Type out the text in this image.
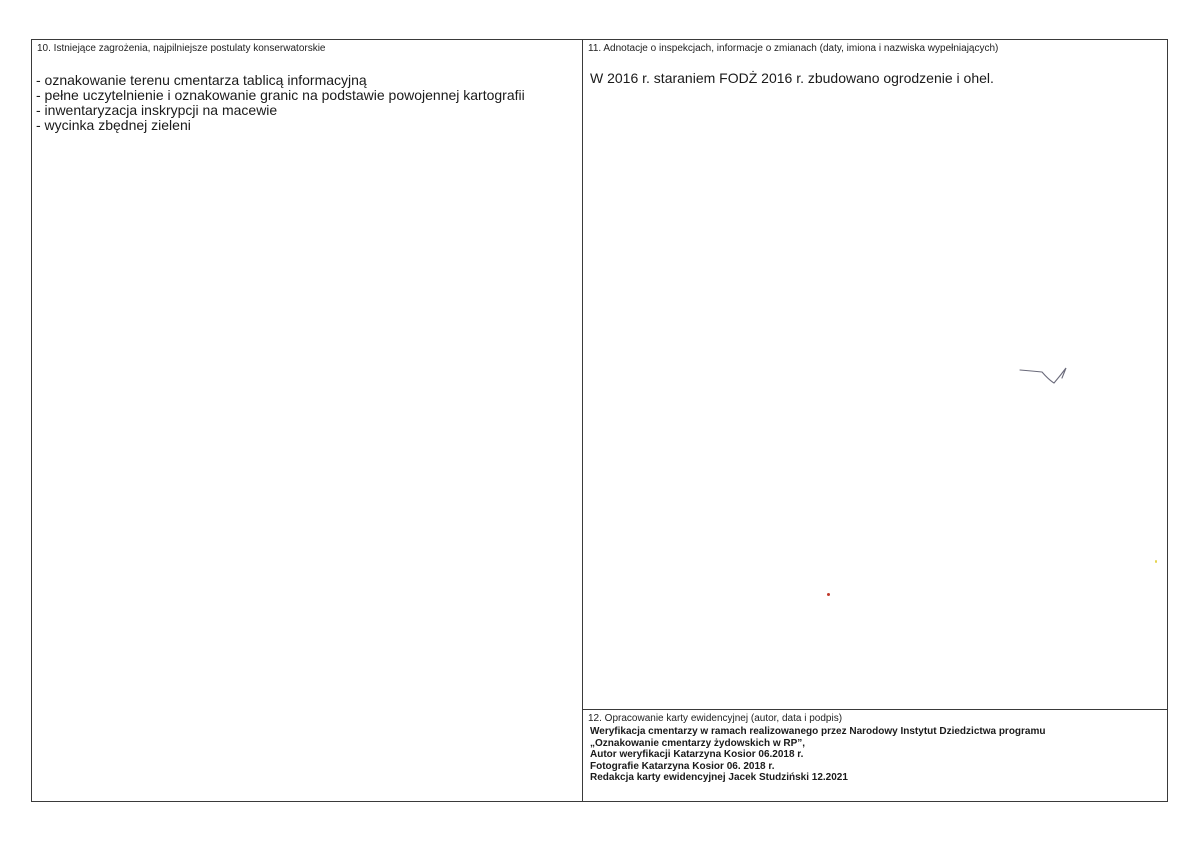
10. Istniejące zagrożenia, najpilniejsze postulaty konserwatorskie
- oznakowanie terenu cmentarza tablicą informacyjną
- pełne uczytelnienie i oznakowanie granic na podstawie powojennej kartografii
- inwentaryzacja inskrypcji na macewie
- wycinka zbędnej zieleni
11. Adnotacje o inspekcjach, informacje o zmianach (daty, imiona i nazwiska wypełniających)
W 2016 r. staraniem FODŻ 2016 r. zbudowano ogrodzenie i ohel.
12. Opracowanie karty ewidencyjnej (autor, data i podpis)
Weryfikacja cmentarzy w ramach realizowanego przez Narodowy Instytut Dziedzictwa programu
„Oznakowanie cmentarzy żydowskich w RP”,
Autor weryfikacji Katarzyna Kosior 06.2018 r.
Fotografie Katarzyna Kosior 06. 2018 r.
Redakcja karty ewidencyjnej Jacek Studziński 12.2021
